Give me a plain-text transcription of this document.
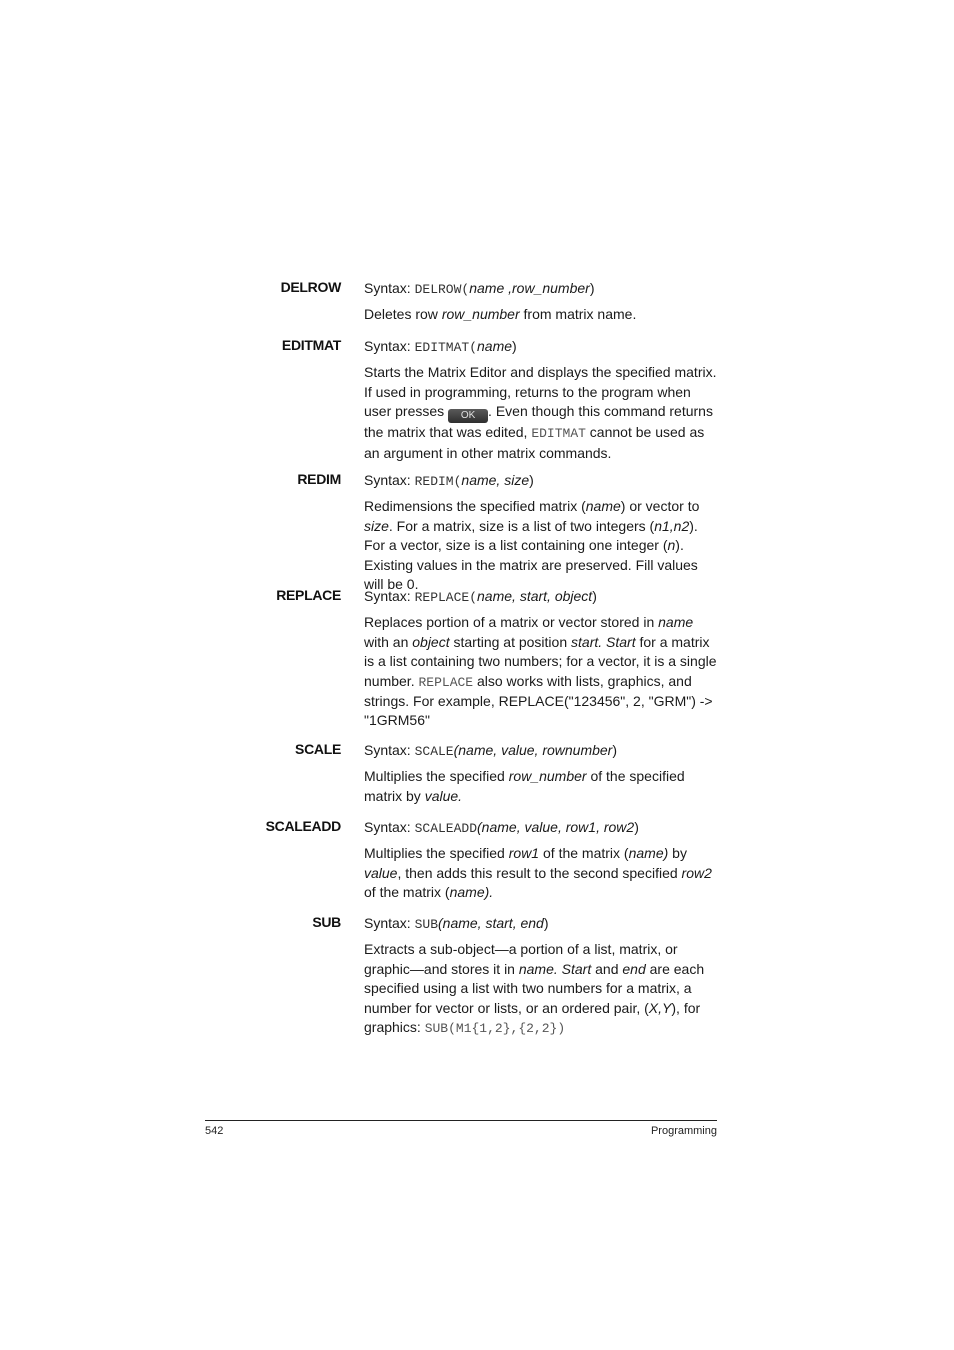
DELROW Syntax: DELROW(name ,row_number)

Deletes row row_number from matrix name.

EDITMAT Syntax: EDITMAT(name)

Starts the Matrix Editor and displays the specified matrix. If used in programming, returns to the program when user presses OK . Even though this command returns the matrix that was edited, EDITMAT cannot be used as an argument in other matrix commands.

REDIM Syntax: REDIM(name, size)

Redimensions the specified matrix (name) or vector to size. For a matrix, size is a list of two integers (n1,n2). For a vector, size is a list containing one integer (n). Existing values in the matrix are preserved. Fill values will be 0.

REPLACE Syntax: REPLACE(name, start, object)

Replaces portion of a matrix or vector stored in name with an object starting at position start. Start for a matrix is a list containing two numbers; for a vector, it is a single number. REPLACE also works with lists, graphics, and strings. For example, REPLACE("123456", 2, "GRM") -> "1GRM56"

SCALE Syntax: SCALE(name, value, rownumber)

Multiplies the specified row_number of the specified matrix by value.

SCALEADD Syntax: SCALEADD(name, value, row1, row2)

Multiplies the specified row1 of the matrix (name) by value, then adds this result to the second specified row2 of the matrix (name).

SUB Syntax: SUB(name, start, end)

Extracts a sub-object—a portion of a list, matrix, or graphic—and stores it in name. Start and end are each specified using a list with two numbers for a matrix, a number for vector or lists, or an ordered pair, (X,Y), for graphics: SUB(M1{1,2},{2,2})

542	Programming
